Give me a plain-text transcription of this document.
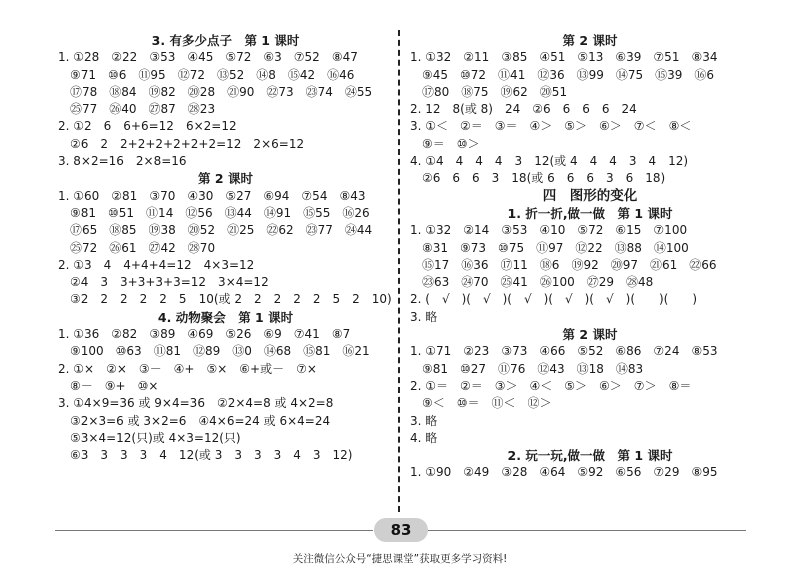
3. 有多少点子　第 1 课时
1. ①28　②22　③53　④45　⑤72　⑥3　⑦52　⑧47
　⑨71　⑩6　⑪95　⑫72　⑬52　⑭8　⑮42　⑯46
　⑰78　⑱84　⑲82　⑳28　㉑90　㉒73　㉓74　㉔55
　㉕77　㉖40　㉗87　㉘23
2. ①2　6　6+6=12　6×2=12
　②6　2　2+2+2+2+2+2=12　2×6=12
3. 8×2=16　2×8=16
第 2 课时
1. ①60　②81　③70　④30　⑤27　⑥94　⑦54　⑧43
　⑨81　⑩51　⑪14　⑫56　⑬44　⑭91　⑮55　⑯26
　⑰65　⑱85　⑲38　⑳52　㉑25　㉒62　㉓77　㉔44
　㉕72　㉖61　㉗42　㉘70
2. ①3　4　4+4+4=12　4×3=12
　②4　3　3+3+3+3=12　3×4=12
　③2　2　2　2　2　5　10(或 2　2　2　2　2　5　2　10)
4. 动物聚会　第 1 课时
1. ①36　②82　③89　④69　⑤26　⑥9　⑦41　⑧7
　⑨100　⑩63　⑪81　⑫89　⑬0　⑭68　⑮81　⑯21
2. ①×　②×　③－　④+　⑤×　⑥+或－　⑦×
　⑧－　⑨+　⑩×
3. ①4×9=36 或 9×4=36　②2×4=8 或 4×2=8
　③2×3=6 或 3×2=6　④4×6=24 或 6×4=24
　⑤3×4=12(只)或 4×3=12(只)
　⑥3　3　3　3　4　12(或 3　3　3　3　4　3　12)
第 2 课时
1. ①32　②11　③85　④51　⑤13　⑥39　⑦51　⑧34
　⑨45　⑩72　⑪41　⑫36　⑬99　⑭75　⑮39　⑯6
　⑰80　⑱75　⑲62　⑳51
2. 12　8(或 8)　24　②6　6　6　6　24
3. ①＜　②＝　③＝　④＞　⑤＞　⑥＞　⑦＜　⑧＜
　⑨＝　⑩＞
4. ①4　4　4　4　3　12(或 4　4　4　3　4　12)
　②6　6　6　3　18(或 6　6　6　3　6　18)
四　图形的变化
1. 折一折,做一做　第 1 课时
1. ①32　②14　③53　④10　⑤72　⑥15　⑦100
　⑧31　⑨73　⑩75　⑪97　⑫22　⑬88　⑭100
　⑮17　⑯36　⑰11　⑱6　⑲92　⑳97　㉑61　㉒66
　㉓63　㉔70　㉕41　㉖100　㉗29　㉘48
2. (　√　)(　√　)(　√　)(　√　)(　√　)(　　)(　　)
3. 略
第 2 课时
1. ①71　②23　③73　④66　⑤52　⑥86　⑦24　⑧53
　⑨81　⑩27　⑪76　⑫43　⑬18　⑭83
2. ①＝　②＝　③＞　④＜　⑤＞　⑥＞　⑦＞　⑧＝
　⑨＜　⑩＝　⑪＜　⑫＞
3. 略
4. 略
2. 玩一玩,做一做　第 1 课时
1. ①90　②49　③28　④64　⑤92　⑥56　⑦29　⑧95
83
关注微信公众号“捷思课堂”获取更多学习资料!
